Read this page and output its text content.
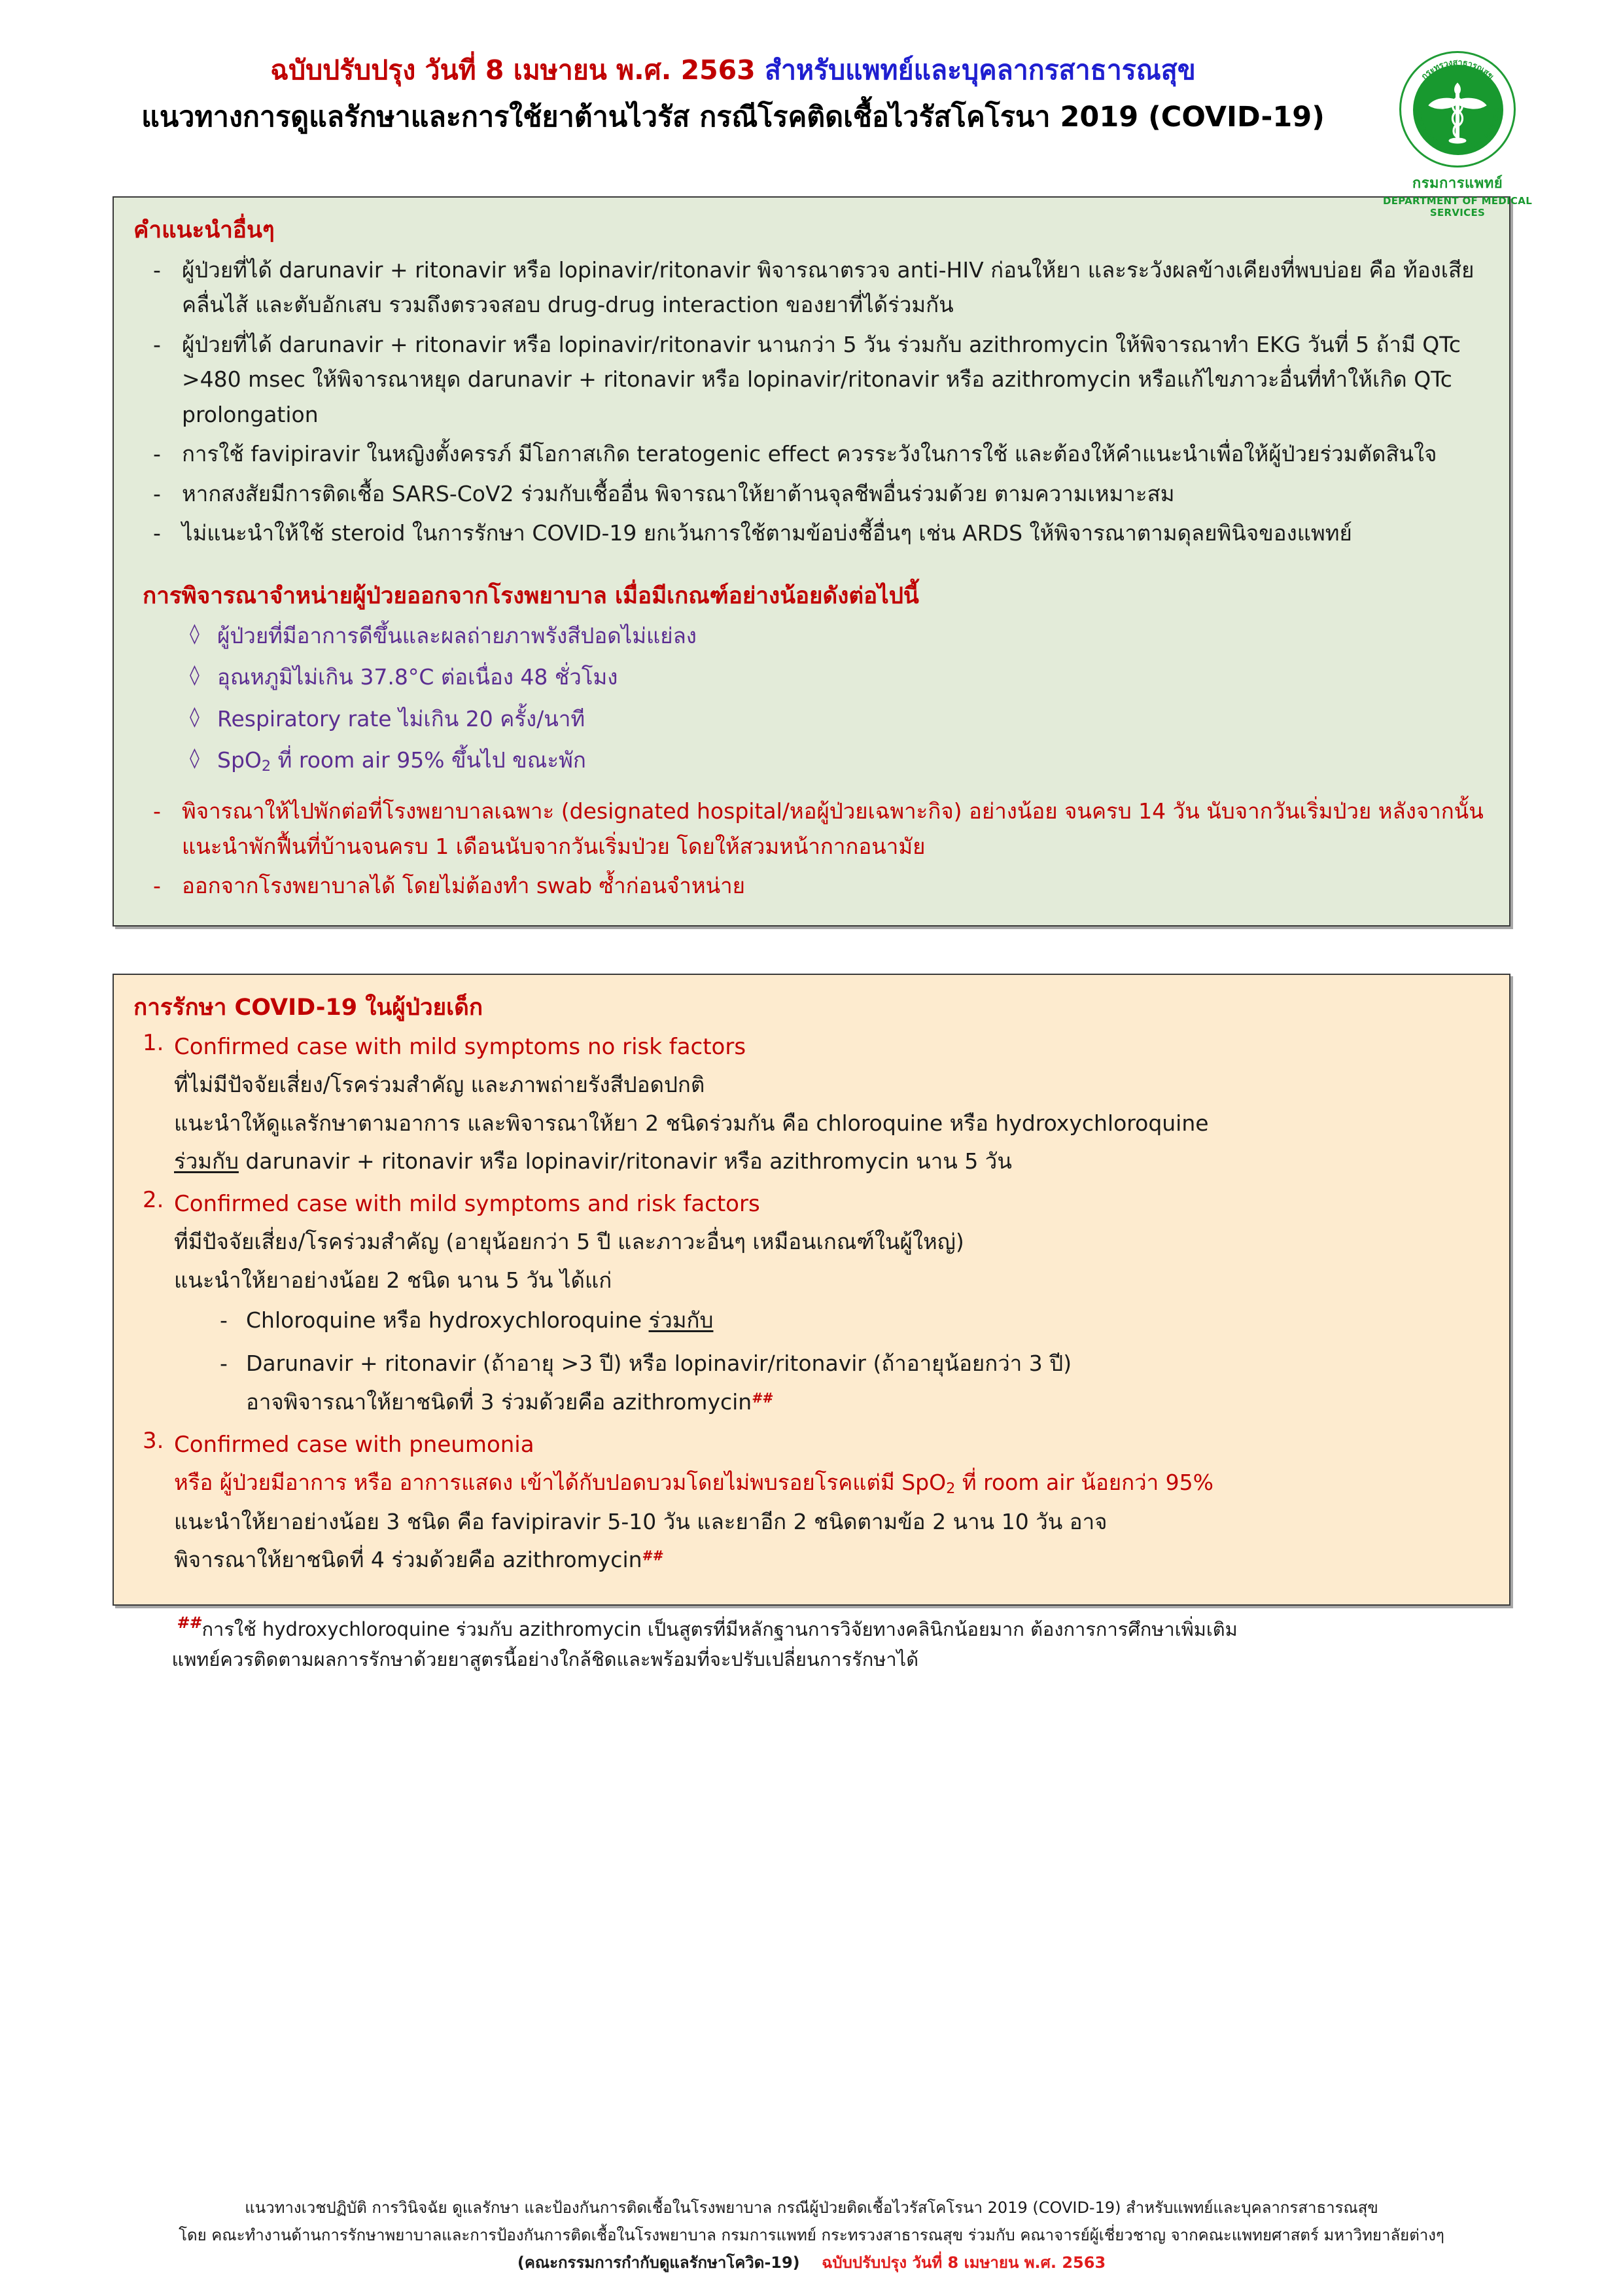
ฉบับปรับปรุง วันที่ 8 เมษายน พ.ศ. 2563 สำหรับแพทย์และบุคลากรสาธารณสุข
แนวทางการดูแลรักษาและการใช้ยาต้านไวรัส กรณีโรคติดเชื้อไวรัสโคโรนา 2019 (COVID-19)
กระทรวงสาธารณสุข
MINISTRY OF PUBLIC HEALTH
กรมการแพทย์
DEPARTMENT OF MEDICAL SERVICES
คำแนะนำอื่นๆ
- ผู้ป่วยที่ได้ darunavir + ritonavir หรือ lopinavir/ritonavir พิจารณาตรวจ anti-HIV ก่อนให้ยา และระวังผลข้างเคียงที่พบบ่อย คือ ท้องเสีย คลื่นไส้ และตับอักเสบ รวมถึงตรวจสอบ drug-drug interaction ของยาที่ได้ร่วมกัน
- ผู้ป่วยที่ได้ darunavir + ritonavir หรือ lopinavir/ritonavir นานกว่า 5 วัน ร่วมกับ azithromycin ให้พิจารณาทำ EKG วันที่ 5 ถ้ามี QTc >480 msec ให้พิจารณาหยุด darunavir + ritonavir หรือ lopinavir/ritonavir หรือ azithromycin หรือแก้ไขภาวะอื่นที่ทำให้เกิด QTc prolongation
- การใช้ favipiravir ในหญิงตั้งครรภ์ มีโอกาสเกิด teratogenic effect ควรระวังในการใช้ และต้องให้คำแนะนำเพื่อให้ผู้ป่วยร่วมตัดสินใจ
- หากสงสัยมีการติดเชื้อ SARS-CoV2 ร่วมกับเชื้ออื่น พิจารณาให้ยาต้านจุลชีพอื่นร่วมด้วย ตามความเหมาะสม
- ไม่แนะนำให้ใช้ steroid ในการรักษา COVID-19 ยกเว้นการใช้ตามข้อบ่งชี้อื่นๆ เช่น ARDS ให้พิจารณาตามดุลยพินิจของแพทย์
การพิจารณาจำหน่ายผู้ป่วยออกจากโรงพยาบาล เมื่อมีเกณฑ์อย่างน้อยดังต่อไปนี้
◊ ผู้ป่วยที่มีอาการดีขึ้นและผลถ่ายภาพรังสีปอดไม่แย่ลง
◊ อุณหภูมิไม่เกิน 37.8°C ต่อเนื่อง 48 ชั่วโมง
◊ Respiratory rate ไม่เกิน 20 ครั้ง/นาที
◊ SpO$_2$ ที่ room air 95% ขึ้นไป ขณะพัก
- พิจารณาให้ไปพักต่อที่โรงพยาบาลเฉพาะ (designated hospital/หอผู้ป่วยเฉพาะกิจ) อย่างน้อย จนครบ 14 วัน นับจากวันเริ่มป่วย หลังจากนั้น แนะนำพักฟื้นที่บ้านจนครบ 1 เดือนนับจากวันเริ่มป่วย โดยให้สวมหน้ากากอนามัย
- ออกจากโรงพยาบาลได้ โดยไม่ต้องทำ swab ซ้ำก่อนจำหน่าย
การรักษา COVID-19 ในผู้ป่วยเด็ก
Confirmed case with mild symptoms no risk factors
ที่ไม่มีปัจจัยเสี่ยง/โรคร่วมสำคัญ และภาพถ่ายรังสีปอดปกติ
แนะนำให้ดูแลรักษาตามอาการ และพิจารณาให้ยา 2 ชนิดร่วมกัน คือ chloroquine หรือ hydroxychloroquine
ร่วมกับ darunavir + ritonavir หรือ lopinavir/ritonavir หรือ azithromycin นาน 5 วัน
Confirmed case with mild symptoms and risk factors
ที่มีปัจจัยเสี่ยง/โรคร่วมสำคัญ (อายุน้อยกว่า 5 ปี และภาวะอื่นๆ เหมือนเกณฑ์ในผู้ใหญ่)
แนะนำให้ยาอย่างน้อย 2 ชนิด นาน 5 วัน ได้แก่
- Chloroquine หรือ hydroxychloroquine ร่วมกับ
- Darunavir + ritonavir (ถ้าอายุ >3 ปี) หรือ lopinavir/ritonavir (ถ้าอายุน้อยกว่า 3 ปี)
อาจพิจารณาให้ยาชนิดที่ 3 ร่วมด้วยคือ azithromycin##
Confirmed case with pneumonia
หรือ ผู้ป่วยมีอาการ หรือ อาการแสดง เข้าได้กับปอดบวมโดยไม่พบรอยโรคแต่มี SpO$_2$ ที่ room air น้อยกว่า 95%
แนะนำให้ยาอย่างน้อย 3 ชนิด คือ favipiravir 5-10 วัน และยาอีก 2 ชนิดตามข้อ 2 นาน 10 วัน อาจ
พิจารณาให้ยาชนิดที่ 4 ร่วมด้วยคือ azithromycin##
## การใช้ hydroxychloroquine ร่วมกับ azithromycin เป็นสูตรที่มีหลักฐานการวิจัยทางคลินิกน้อยมาก ต้องการการศึกษาเพิ่มเติม
แพทย์ควรติดตามผลการรักษาด้วยยาสูตรนี้อย่างใกล้ชิดและพร้อมที่จะปรับเปลี่ยนการรักษาได้
แนวทางเวชปฏิบัติ การวินิจฉัย ดูแลรักษา และป้องกันการติดเชื้อในโรงพยาบาล กรณีผู้ป่วยติดเชื้อไวรัสโคโรนา 2019 (COVID-19) สำหรับแพทย์และบุคลากรสาธารณสุข
โดย คณะทำงานด้านการรักษาพยาบาลและการป้องกันการติดเชื้อในโรงพยาบาล กรมการแพทย์ กระทรวงสาธารณสุข ร่วมกับ คณาจารย์ผู้เชี่ยวชาญ จากคณะแพทยศาสตร์ มหาวิทยาลัยต่างๆ
(คณะกรรมการกำกับดูแลรักษาโควิด-19) ฉบับปรับปรุง วันที่ 8 เมษายน พ.ศ. 2563
